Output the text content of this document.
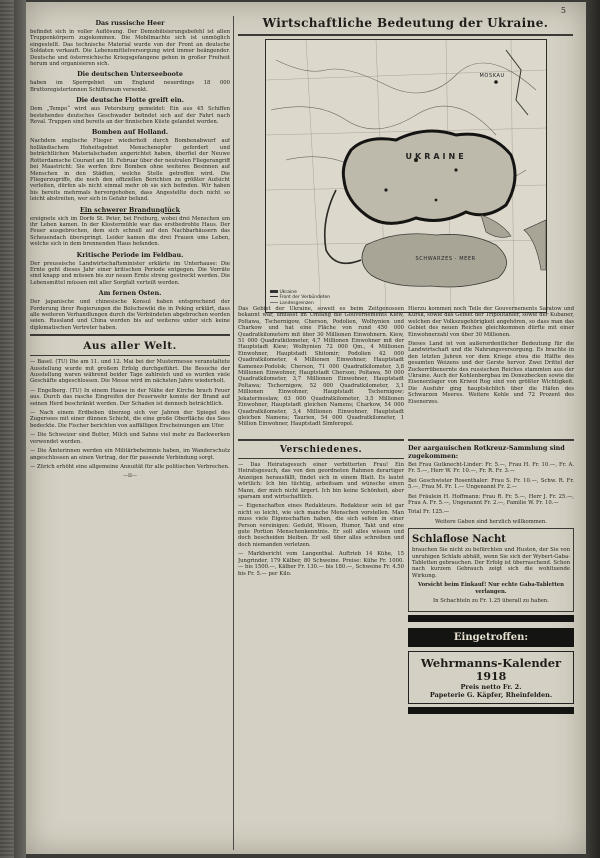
5
Das russische Heer

befindet sich in voller Auflösung. Der Demobilisierungsbefehl ist allen Truppenkörpern zugekommen. Die Mobilmachte sich ist unmöglich eingestellt. Das technische Material wurde von der Front an deutsche Soldaten verkauft. Die Lebensmittelversorgung wird immer beängender. Deutsche und österreichische Kriegsgefangene gehen in großer Freiheit herum und organisieren sich.

Die deutschen Unterseeboote

haben im Sperrgebiet um England neuerdings 18 000 Bruttoregistertonnen Schiffsraum versenkt.

Die deutsche Flotte greift ein.

Dem „Tempo“ wird aus Petersburg gemeldet: Ein aus 45 Schiffen bestehendes deutsches Geschwader befindet sich auf der Fahrt nach Reval. Truppen sind bereits an der finnischen Küste gelandet worden.

Bomben auf Holland.

Nachdem englische Flieger wiederholt durch Bombenabwurf auf holländischem Hoheitsgebiet Menschenopfer gefordert und beträchtlichen Materialschaden angerichtet haben, überfiel der Neuwe Rotterdamsche Courant am 18. Februar über der neutralen Fliegerangriff bei Maastricht: Sie werfen ihre Bomben ohne weiteres Besinnen auf Menschen in den Städten, welche Stelle getroffen wird. Die Fliegerzugriffe, die noch den offiziellen Berichten zu größter Aufsicht verleiten, dürfen als nicht einmal mehr ob sie sich befinden. Wir haben bis bereits mehrmals hervorgehoben, dass Angestellte doch nicht so leicht abstreiten, wer sich in Gefahr befand.

Ein schwerer Brandunglück

ereignete sich im Dorfe St. Peter, bei Freiburg, wobei drei Menschen um ihr Leben kamen. In der Klostermühle war das erstbedrohte Haus. Der Feuer ausgebrochen, dem sich schnell auf den Nachbarhäusern das Scheuendach überspringt. Leider kamen die drei Frauen ums Leben, welche sich in dem brennenden Haus befanden.

Kritische Periode im Feldbau.

Der preussische Landwirtschaftsminister erklärte im Unterhause: Die Ernte geht dieses Jahr einer kritischen Periode entgegen. Die Vorräte sind knapp und müssen bis zur neuen Ernte streng gestreckt werden. Die Lebensmittel müssen mit aller Sorgfalt verteilt werden.

Am fernen Osten.

Der japanische und chinesische Konsul haben entsprechend der Forderung ihrer Regierungen die Bolschewiki die in Peking erklärt, dass alle weiteren Verhandlungen durch die Verbündeten abgebrochen worden seien. Russland und China werden bis auf weiteres unter sich keine diplomatischen Vertreter haben.

Aus aller Welt.

— Basel. (TU) Die am 11. und 12. Mai bei der Mustermesse veranstaltete Ausstellung wurde mit großem Erfolg durchgeführt. Die Besuche der Ausstellung waren während beider Tage zahlreich und es wurden viele Geschäfte abgeschlossen. Die Messe wird im nächsten Jahre wiederholt.

— Engelberg. (TU) In einem Hause in der Nähe der Kirche brach Feuer aus. Durch das rasche Eingreifen der Feuerwehr konnte der Brand auf seinen Herd beschränkt werden. Der Schaden ist dennoch beträchtlich.

— Nach einem Erdbeben überzog sich vor Jahren der Spiegel des Zugersees mit einer dünnen Schicht, die eine große Oberfläche des Sees bedeckte. Die Fischer berichten von auffälligen Erscheinungen am Ufer.

— Die Schweizer sind Butter, Milch und Sahne viel mehr zu Backwerken verwendet werden.

— Die Ämterinnen werden ein Militärbeheimnis haben, im Wanderschutz angeschlossen an einen Vertrag, der für passende Verbindung sorgt.

— Zürich erhöht eine allgemeine Annuität für alle politischen Verbrechen.

—II—
Wirtschaftliche Bedeutung der Ukraine.
UKRAINE
SCHWARZES · MEER
MOSKAU
Ukraine
Front der Verbündeten
Landesgrenzen

Das Gebiet der Ukraine, soweit es beim Zeitgenossen bekannt war, umfasst im Umfang die Gouvernements Kiew, Poltawa, Tschernigow, Cherson, Podolien, Wolhynien und Charkow und hat eine Fläche von rund 450 000 Quadratkilometern mit über 30 Millionen Einwohnern. Kiew, 51 000 Quadratkilometer, 4,7 Millionen Einwohner mit der Hauptstadt Kiew; Wolhynien 72 000 Qm., 4 Millionen Einwohner, Hauptstadt Shitomir; Podolien 42 000 Quadratkilometer, 4 Millionen Einwohner, Hauptstadt Kamenez-Podolsk; Cherson, 71 000 Quadratkilometer, 3,8 Millionen Einwohner, Hauptstadt Cherson; Poltawa, 50 000 Quadratkilometer, 3,7 Millionen Einwohner, Hauptstadt Poltawa; Tschernigow, 52 000 Quadratkilometer, 3,1 Millionen Einwohner, Hauptstadt Tschernigow; Jekaterinoslaw, 63 000 Quadratkilometer, 3,5 Millionen Einwohner, Hauptstadt gleichen Namens; Charkow, 54 000 Quadratkilometer, 3,4 Millionen Einwohner, Hauptstadt gleichen Namens; Taurien, 54 000 Quadratkilometer, 1 Million Einwohner, Hauptstadt Simferopol.

Hierzu kommen noch Teile der Gouvernements Saratow und Kursk, sowie das Gebiet der Tripolitanier, sowie der Kubaner, welchen der Volkszugehörigkeit angehören, so dass man das Gebiet des neuen Reiches gleichkommen dürfte mit einer Einwohnerzahl von über 30 Millionen.

Dieses Land ist von außerordentlicher Bedeutung für die Landwirtschaft und die Nahrungsversorgung. Es brachte in den letzten Jahren vor dem Kriege etwa die Hälfte des gesamten Weizens und der Gerste hervor. Zwei Drittel der Zuckerrübenernte des russischen Reiches stammten aus der Ukraine. Auch der Kohlenbergbau im Donezbecken sowie die Eisenerzlager von Kriwoi Rog sind von größter Wichtigkeit. Die Ausfuhr ging hauptsächlich über die Häfen des Schwarzen Meeres. Weitere Kohle und 72 Prozent des Eisenerzes.

Verschiedenes.

— Das Heiratsgesuch einer verbitterten Frau! Ein Heiratsgesuch, das von den geordneten Rahmen derartiger Anzeigen herausfällt, findet sich in einem Blatt. Es lautet wörtlich: Ich bin tüchtig, arbeitsam und wünsche einen Mann, der mich nicht ärgert. Ich bin keine Schönheit, aber sparsam und wirtschaftlich.

— Eigenschaften eines Redakteurs. Redakteur sein ist gar nicht so leicht, wie sich manche Menschen vorstellen. Man muss viele Eigenschaften haben, die sich selten in einer Person vereinigen: Geduld, Wissen, Humor, Takt und eine gute Portion Menschenkenntnis. Er soll alles wissen und doch bescheiden bleiben. Er soll über alles schreiben und doch niemanden verletzen.

— Markbericht vom Langenthal. Auftrieb 14 Kühe, 15 Jungrinder, 179 Kälber, 80 Schweine. Preise: Kühe Fr. 1000.— bis 1500.—, Kälber Fr. 130.— bis 180.—, Schweine Fr. 4.50 bis Fr. 5.— per Kilo.

Der aargauischen Rotkreuz-Sammlung sind zugekommen:

Bei Frau Gutknecht-Linder: Fr. 5.—, Frau H. Fr. 10.—, Fr. A. Fr. 5.—, Herr W. Fr. 10.—, Fr. R. Fr. 3.—

Bei Geschwister Rosenthaler: Frau S. Fr. 10.—, Schw. R. Fr. 5.—, Frau M. Fr. 1.— Ungenannt Fr. 2.—

Bei Fräulein H. Hoffmann: Frau R. Fr. 5.—, Herr J. Fr. 25.—, Frau A. Fr. 5.—, Ungenannt Fr. 2.—, Familie W. Fr. 10.—

Total Fr. 125.—

Weitere Gaben sind herzlich willkommen.

Schlaflose Nacht

brauchen Sie nicht zu befürchten und Husten, der Sie von unruhigen Schlafe abhält, wenn Sie sich der Wybert-Gaba-Tabletten gebrauchen. Der Erfolg ist überraschend. Schon nach kurzem Gebrauch zeigt sich die wohltuende Wirkung.

Vorsicht beim Einkauf! Nur echte Gaba-Tabletten verlangen.

In Schachteln zu Fr. 1.25 überall zu haben.

Eingetroffen:
Wehrmanns-Kalender
1918
Preis netto Fr. 2.
Papeterie G. Käpfer, Rheinfelden.
